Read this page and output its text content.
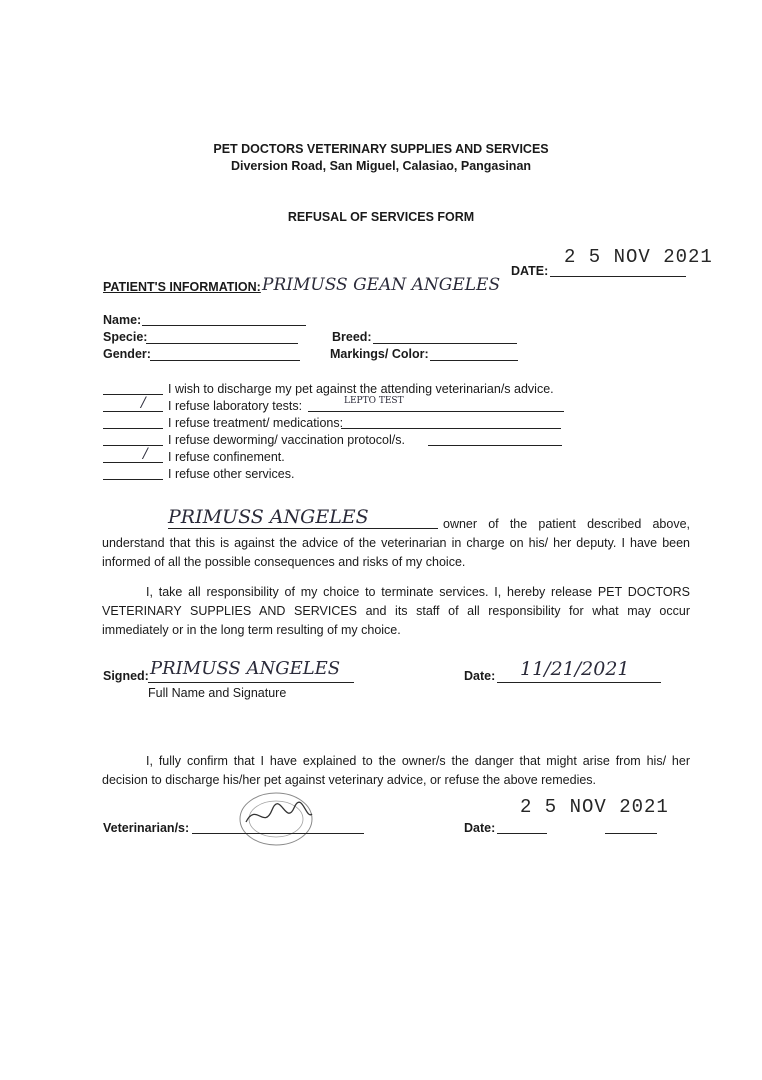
PET DOCTORS VETERINARY SUPPLIES AND SERVICES
Diversion Road, San Miguel, Calasiao, Pangasinan
REFUSAL OF SERVICES FORM
2 5 NOV 2021
DATE:
PATIENT'S INFORMATION: PRIMUSS GEAN ANGELES
Name:
Specie:
Gender:
Breed:
Markings/ Color:
I wish to discharge my pet against the attending veterinarian/s advice.
/ I refuse laboratory tests:	LEPTO TEST
I refuse treatment/ medications:
I refuse deworming/ vaccination protocol/s.
/ I refuse confinement.
I refuse other services.
PRIMUSS ANGELES	owner of the patient described above, understand that this is against the advice of the veterinarian in charge on his/ her deputy. I have been informed of all the possible consequences and risks of my choice.
I, take all responsibility of my choice to terminate services. I, hereby release PET DOCTORS VETERINARY SUPPLIES AND SERVICES and its staff of all responsibility for what may occur immediately or in the long term resulting of my choice.
Signed: PRIMUSS ANGELES
Full Name and Signature
Date: 11/21/2021
I, fully confirm that I have explained to the owner/s the danger that might arise from his/ her decision to discharge his/her pet against veterinary advice, or refuse the above remedies.
Veterinarian/s:
2 5 NOV 2021
Date:
